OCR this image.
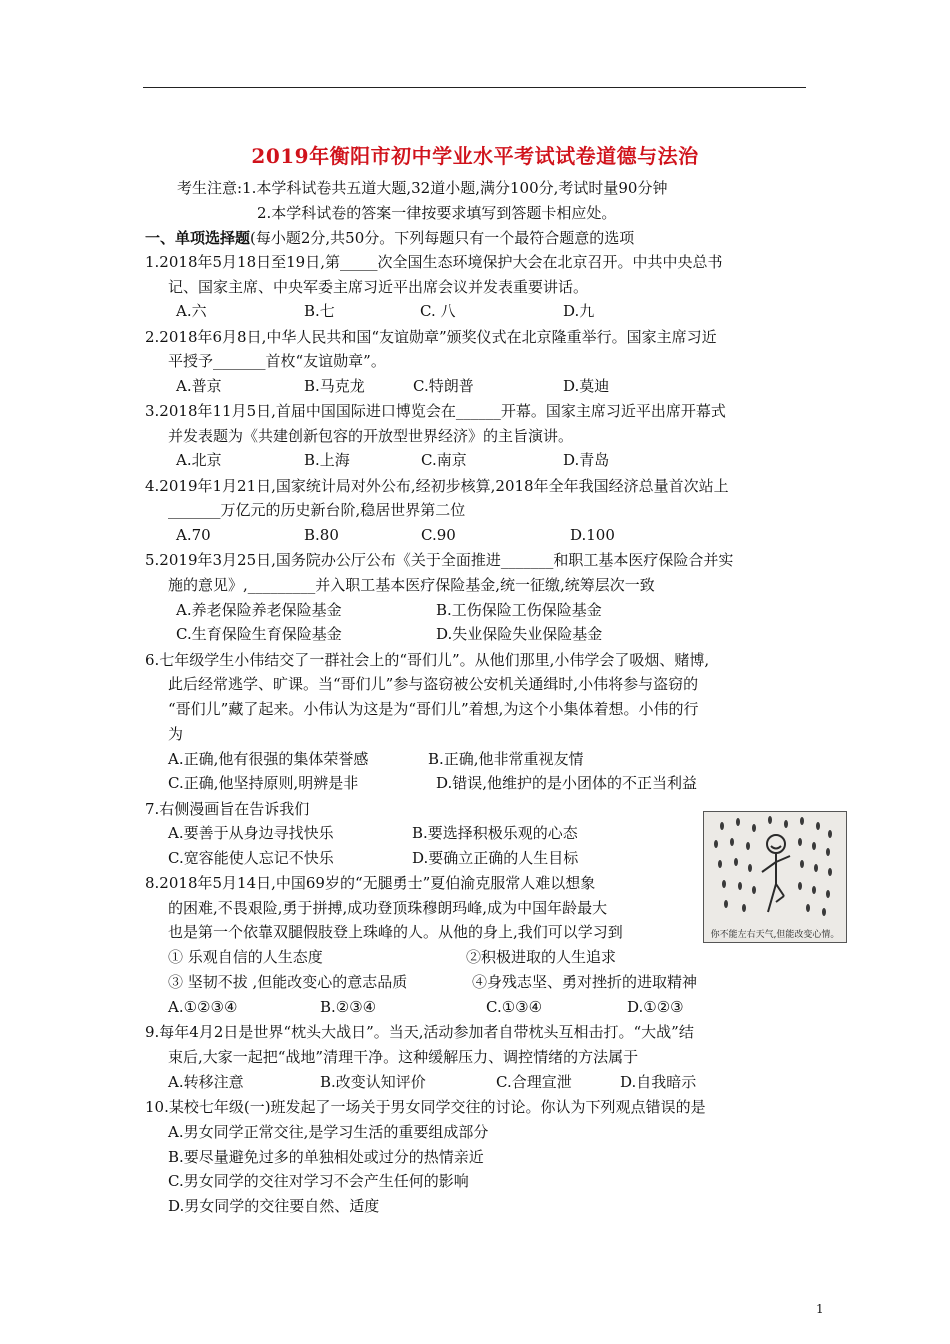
2019年衡阳市初中学业水平考试试卷道德与法治
考生注意:1.本学科试卷共五道大题,32道小题,满分100分,考试时量90分钟
2.本学科试卷的答案一律按要求填写到答题卡相应处。
一、单项选择题(每小题2分,共50分。下列每题只有一个最符合题意的选项
1.2018年5月18日至19日,第_____次全国生态环境保护大会在北京召开。中共中央总书
记、国家主席、中央军委主席习近平出席会议并发表重要讲话。
A.六	B.七	C. 八	D.九
2.2018年6月8日,中华人民共和国“友谊勋章”颁奖仪式在北京隆重举行。国家主席习近
平授予_______首枚“友谊勋章”。
A.普京	B.马克龙	C.特朗普	D.莫迪
3.2018年11月5日,首届中国国际进口博览会在______开幕。国家主席习近平出席开幕式
并发表题为《共建创新包容的开放型世界经济》的主旨演讲。
A.北京	B.上海	C.南京	D.青岛
4.2019年1月21日,国家统计局对外公布,经初步核算,2018年全年我国经济总量首次站上
_______万亿元的历史新台阶,稳居世界第二位
A.70	B.80	C.90	D.100
5.2019年3月25日,国务院办公厅公布《关于全面推进_______和职工基本医疗保险合并实
施的意见》,_________并入职工基本医疗保险基金,统一征缴,统筹层次一致
A.养老保险养老保险基金	B.工伤保险工伤保险基金
C.生育保险生育保险基金	D.失业保险失业保险基金
6.七年级学生小伟结交了一群社会上的“哥们儿”。从他们那里,小伟学会了吸烟、赌博,
此后经常逃学、旷课。当“哥们儿”参与盗窃被公安机关通缉时,小伟将参与盗窃的
“哥们儿”藏了起来。小伟认为这是为“哥们儿”着想,为这个小集体着想。小伟的行
为
A.正确,他有很强的集体荣誉感	B.正确,他非常重视友情
C.正确,他坚持原则,明辨是非	D.错误,他维护的是小团体的不正当利益
7.右侧漫画旨在告诉我们
A.要善于从身边寻找快乐	B.要选择积极乐观的心态
C.宽容能使人忘记不快乐	D.要确立正确的人生目标
8.2018年5月14日,中国69岁的“无腿勇士”夏伯渝克服常人难以想象
的困难,不畏艰险,勇于拼搏,成功登顶珠穆朗玛峰,成为中国年龄最大
也是第一个依靠双腿假肢登上珠峰的人。从他的身上,我们可以学习到
① 乐观自信的人生态度	②积极进取的人生追求
③ 坚韧不拔 ,但能改变心的意志品质	④身残志坚、勇对挫折的进取精神
A.①②③④	B.②③④	C.①③④	D.①②③
9.每年4月2日是世界“枕头大战日”。当天,活动参加者自带枕头互相击打。“大战”结
束后,大家一起把“战地”清理干净。这种缓解压力、调控情绪的方法属于
A.转移注意	B.改变认知评价	C.合理宣泄	D.自我暗示
10.某校七年级(一)班发起了一场关于男女同学交往的讨论。你认为下列观点错误的是
A.男女同学正常交往,是学习生活的重要组成部分
B.要尽量避免过多的单独相处或过分的热情亲近
C.男女同学的交往对学习不会产生任何的影响
D.男女同学的交往要自然、适度
你不能左右天气,但能改变心情。
1
